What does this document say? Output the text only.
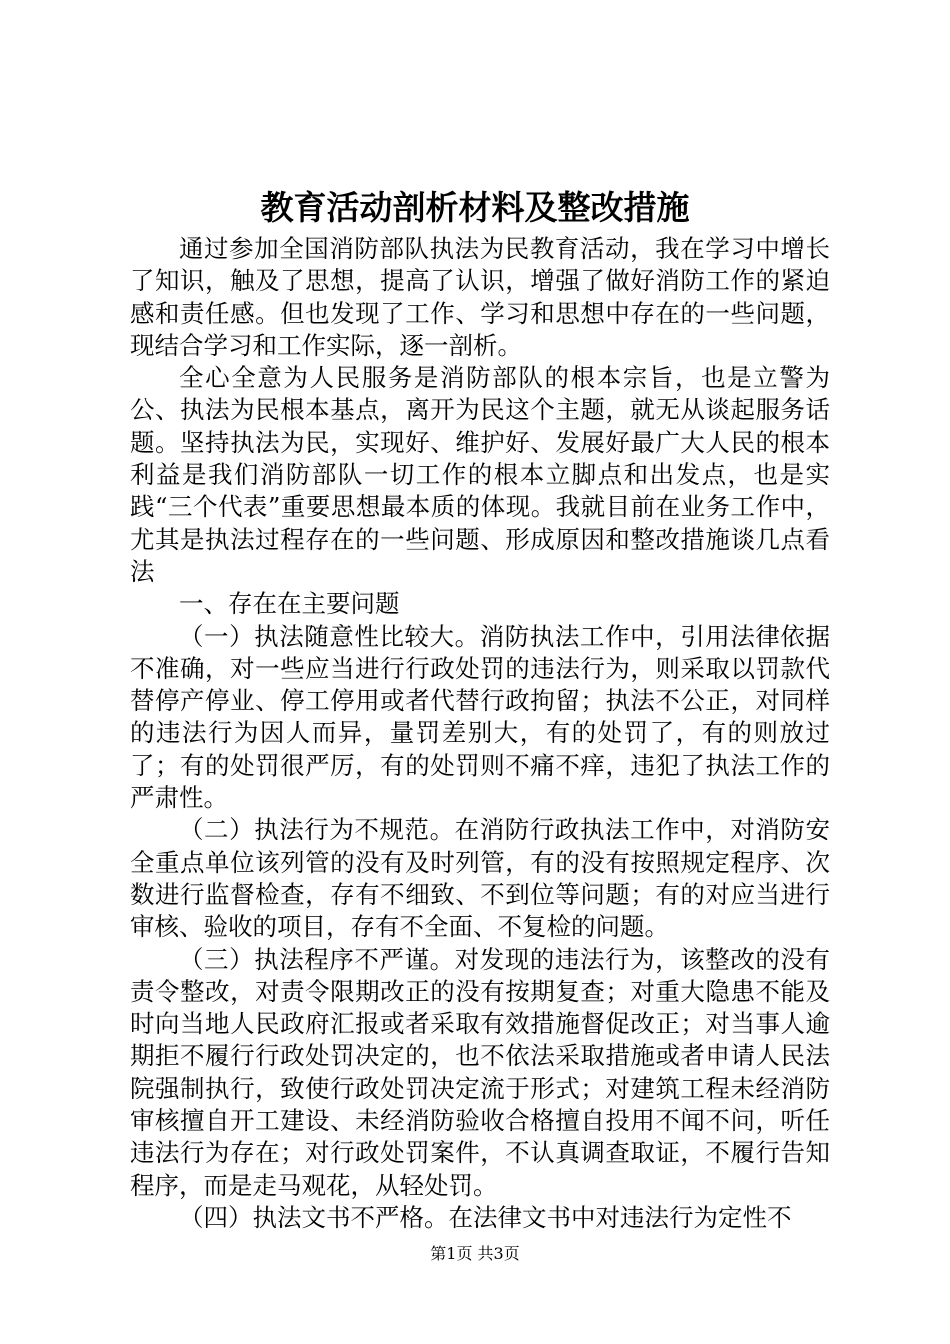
教育活动剖析材料及整改措施

通过参加全国消防部队执法为民教育活动，我在学习中增长了知识，触及了思想，提高了认识，增强了做好消防工作的紧迫感和责任感。但也发现了工作、学习和思想中存在的一些问题，现结合学习和工作实际，逐一剖析。

全心全意为人民服务是消防部队的根本宗旨，也是立警为公、执法为民根本基点，离开为民这个主题，就无从谈起服务话题。坚持执法为民，实现好、维护好、发展好最广大人民的根本利益是我们消防部队一切工作的根本立脚点和出发点，也是实践“三个代表”重要思想最本质的体现。我就目前在业务工作中，尤其是执法过程存在的一些问题、形成原因和整改措施谈几点看法

一、存在在主要问题

（一）执法随意性比较大。消防执法工作中，引用法律依据不准确，对一些应当进行行政处罚的违法行为，则采取以罚款代替停产停业、停工停用或者代替行政拘留；执法不公正，对同样的违法行为因人而异，量罚差别大，有的处罚了，有的则放过了；有的处罚很严厉，有的处罚则不痛不痒，违犯了执法工作的严肃性。

（二）执法行为不规范。在消防行政执法工作中，对消防安全重点单位该列管的没有及时列管，有的没有按照规定程序、次数进行监督检查，存有不细致、不到位等问题；有的对应当进行审核、验收的项目，存有不全面、不复检的问题。

（三）执法程序不严谨。对发现的违法行为，该整改的没有责令整改，对责令限期改正的没有按期复查；对重大隐患不能及时向当地人民政府汇报或者采取有效措施督促改正；对当事人逾期拒不履行行政处罚决定的，也不依法采取措施或者申请人民法院强制执行，致使行政处罚决定流于形式；对建筑工程未经消防审核擅自开工建设、未经消防验收合格擅自投用不闻不问，听任违法行为存在；对行政处罚案件，不认真调查取证，不履行告知程序，而是走马观花，从轻处罚。

（四）执法文书不严格。在法律文书中对违法行为定性不

第1页 共3页
